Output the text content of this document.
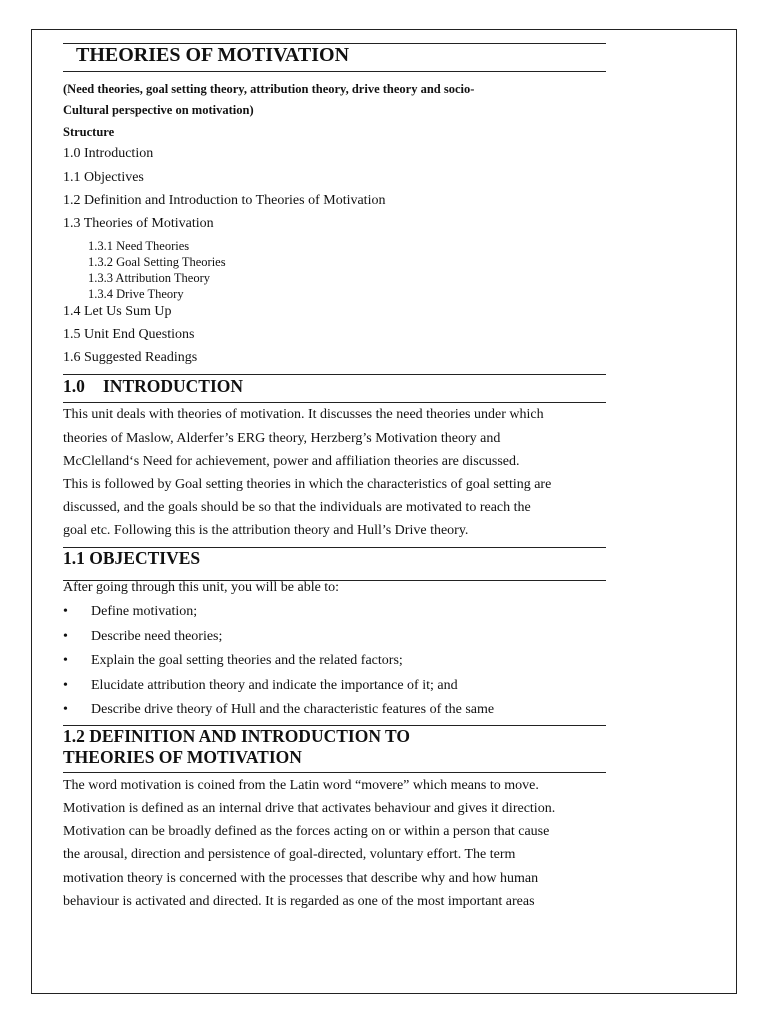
THEORIES OF MOTIVATION
(Need theories, goal setting theory, attribution theory, drive theory and socio-
Cultural perspective on motivation)
Structure
1.0 Introduction
1.1 Objectives
1.2 Definition and Introduction to Theories of Motivation
1.3 Theories of Motivation
1.3.1 Need Theories
1.3.2 Goal Setting Theories
1.3.3 Attribution Theory
1.3.4 Drive Theory
1.4 Let Us Sum Up
1.5 Unit End Questions
1.6 Suggested Readings
1.0 INTRODUCTION
This unit deals with theories of motivation. It discusses the need theories under which
theories of Maslow, Alderfer’s ERG theory, Herzberg’s Motivation theory and
McClelland‘s Need for achievement, power and affiliation theories are discussed.
This is followed by Goal setting theories in which the characteristics of goal setting are
discussed, and the goals should be so that the individuals are motivated to reach the
goal etc. Following this is the attribution theory and Hull’s Drive theory.
1.1 OBJECTIVES
After going through this unit, you will be able to:
• Define motivation;
• Describe need theories;
• Explain the goal setting theories and the related factors;
• Elucidate attribution theory and indicate the importance of it; and
• Describe drive theory of Hull and the characteristic features of the same
1.2 DEFINITION AND INTRODUCTION TO
THEORIES OF MOTIVATION
The word motivation is coined from the Latin word “movere” which means to move.
Motivation is defined as an internal drive that activates behaviour and gives it direction.
Motivation can be broadly defined as the forces acting on or within a person that cause
the arousal, direction and persistence of goal-directed, voluntary effort. The term
motivation theory is concerned with the processes that describe why and how human
behaviour is activated and directed. It is regarded as one of the most important areas
